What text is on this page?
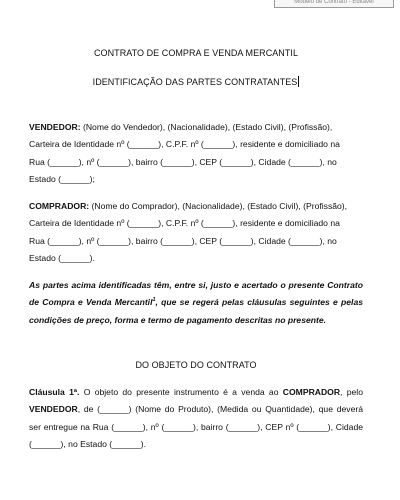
Modelo de Contrato - Editável
CONTRATO DE COMPRA E VENDA MERCANTIL
IDENTIFICAÇÃO DAS PARTES CONTRATANTES
VENDEDOR: (Nome do Vendedor), (Nacionalidade), (Estado Civil), (Profissão),
Carteira de Identidade nº (______), C.P.F. nº (______), residente e domiciliado na
Rua (______), nº (______), bairro (______), CEP (______), Cidade (______), no
Estado (______);
COMPRADOR: (Nome do Comprador), (Nacionalidade), (Estado Civil), (Profissão),
Carteira de Identidade nº (______), C.P.F. nº (______), residente e domiciliado na
Rua (______), nº (______), bairro (______), CEP (______), Cidade (______), no
Estado (______).
As partes acima identificadas têm, entre si, justo e acertado o presente Contrato de Compra e Venda Mercantil$^1$, que se regerá pelas cláusulas seguintes e pelas condições de preço, forma e termo de pagamento descritas no presente.
DO OBJETO DO CONTRATO
Cláusula 1ª. O objeto do presente instrumento é a venda ao COMPRADOR, pelo VENDEDOR, de (______) (Nome do Produto), (Medida ou Quantidade), que deverá ser entregue na Rua (______), nº (______), bairro (______), CEP nº (______), Cidade (______), no Estado (______).
